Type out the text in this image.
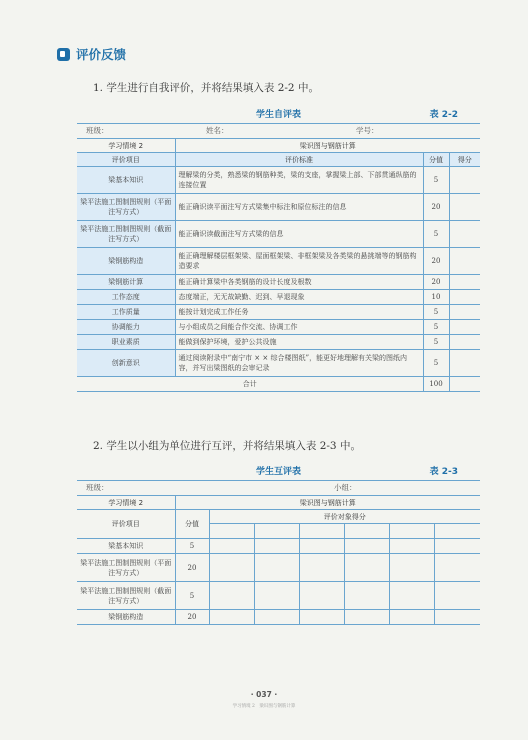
评价反馈
1. 学生进行自我评价，并将结果填入表 2-2 中。
学生自评表	表 2-2
班级： 姓名： 学号：			

学习情境 2	梁识图与钢筋计算		
评价项目	评价标准	分值	得分
梁基本知识	理解梁的分类，熟悉梁的钢筋种类，梁的支座，掌握梁上部、下部贯通纵筋的连接位置	5	
梁平法施工图制图规则（平面注写方式）	能正确识读平面注写方式梁集中标注和原位标注的信息	20	
梁平法施工图制图规则（截面注写方式）	能正确识读截面注写方式梁的信息	5	
梁钢筋构造	能正确理解楼层框架梁、屋面框架梁、非框架梁及各类梁的悬挑端等的钢筋构造要求	20	
梁钢筋计算	能正确计算梁中各类钢筋的设计长度及根数	20	
工作态度	态度端正，无无故缺勤、迟到、早退现象	10	
工作质量	能按计划完成工作任务	5	
协调能力	与小组成员之间能合作交流、协调工作	5	
职业素质	能做到保护环境，爱护公共设施	5	
创新意识	通过阅读附录中“南宁市 × × 综合楼图纸”，能更好地理解有关梁的图纸内容，并写出梁图纸的会审记录	5	
合计		100	
2. 学生以小组为单位进行互评，并将结果填入表 2-3 中。
学生互评表	表 2-3
班级： 小组：							

学习情境 2	梁识图与钢筋计算						
评价项目	分值	评价对象得分					

梁基本知识	5						
梁平法施工图制图规则（平面注写方式）	20						
梁平法施工图制图规则（截面注写方式）	5						
梁钢筋构造	20						
· 037 ·
学习情境 2　梁识图与钢筋计算
